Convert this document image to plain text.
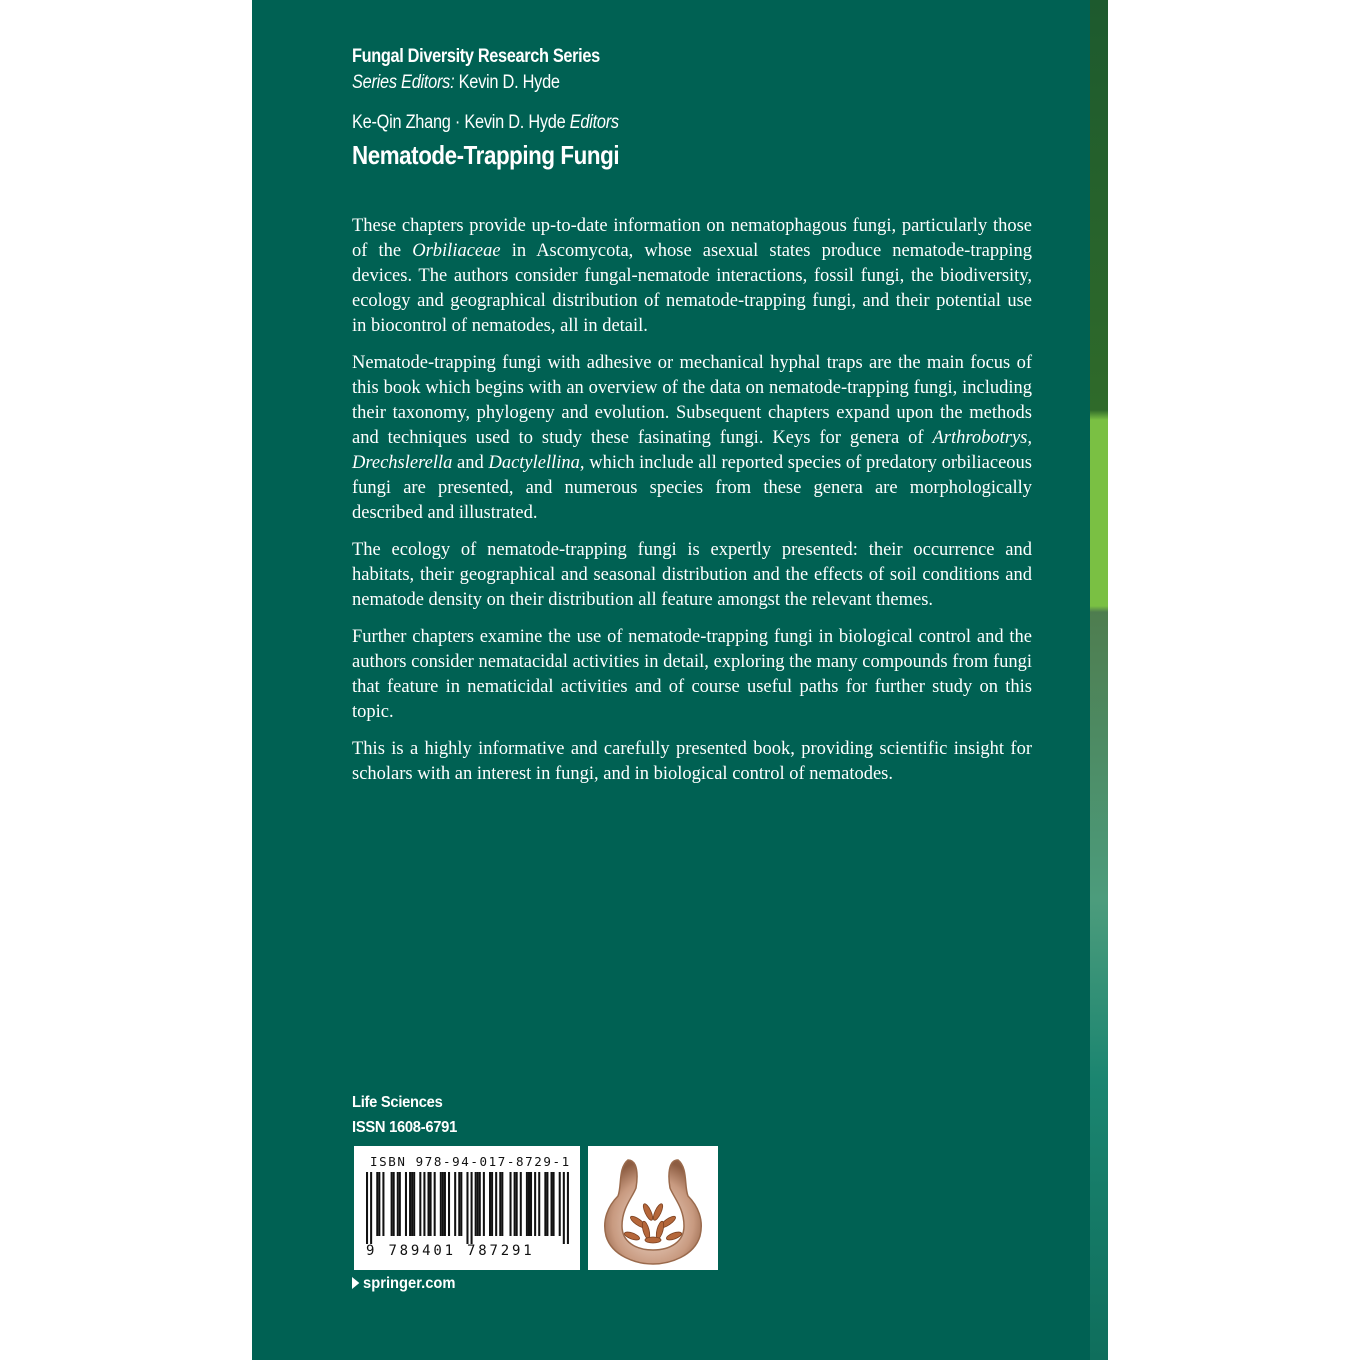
Fungal Diversity Research Series
Series Editors: Kevin D. Hyde
Ke-Qin Zhang · Kevin D. Hyde Editors
Nematode-Trapping Fungi

These chapters provide up-to-date information on nematophagous fungi, particularly those of the Orbiliaceae in Ascomycota, whose asexual states produce nematode-trapping devices. The authors consider fungal-nematode interactions, fossil fungi, the biodiversity, ecology and geographical distribution of nematode-trapping fungi, and their potential use in biocontrol of nematodes, all in detail.

Nematode-trapping fungi with adhesive or mechanical hyphal traps are the main focus of this book which begins with an overview of the data on nematode-trapping fungi, including their taxonomy, phylogeny and evolution. Subsequent chapters expand upon the methods and techniques used to study these fasinating fungi. Keys for genera of Arthrobotrys, Drechslerella and Dactylellina, which include all reported species of predatory orbiliaceous fungi are presented, and numerous species from these genera are morphologically described and illustrated.

The ecology of nematode-trapping fungi is expertly presented: their occurrence and habitats, their geographical and seasonal distribution and the effects of soil conditions and nematode density on their distribution all feature amongst the relevant themes.

Further chapters examine the use of nematode-trapping fungi in biological control and the authors consider nematacidal activities in detail, exploring the many compounds from fungi that feature in nematicidal activities and of course useful paths for further study on this topic.

This is a highly informative and carefully presented book, providing scientific insight for scholars with an interest in fungi, and in biological control of nematodes.

Life Sciences
ISSN 1608-6791
ISBN 978-94-017-8729-1
9 789401 787291
springer.com
